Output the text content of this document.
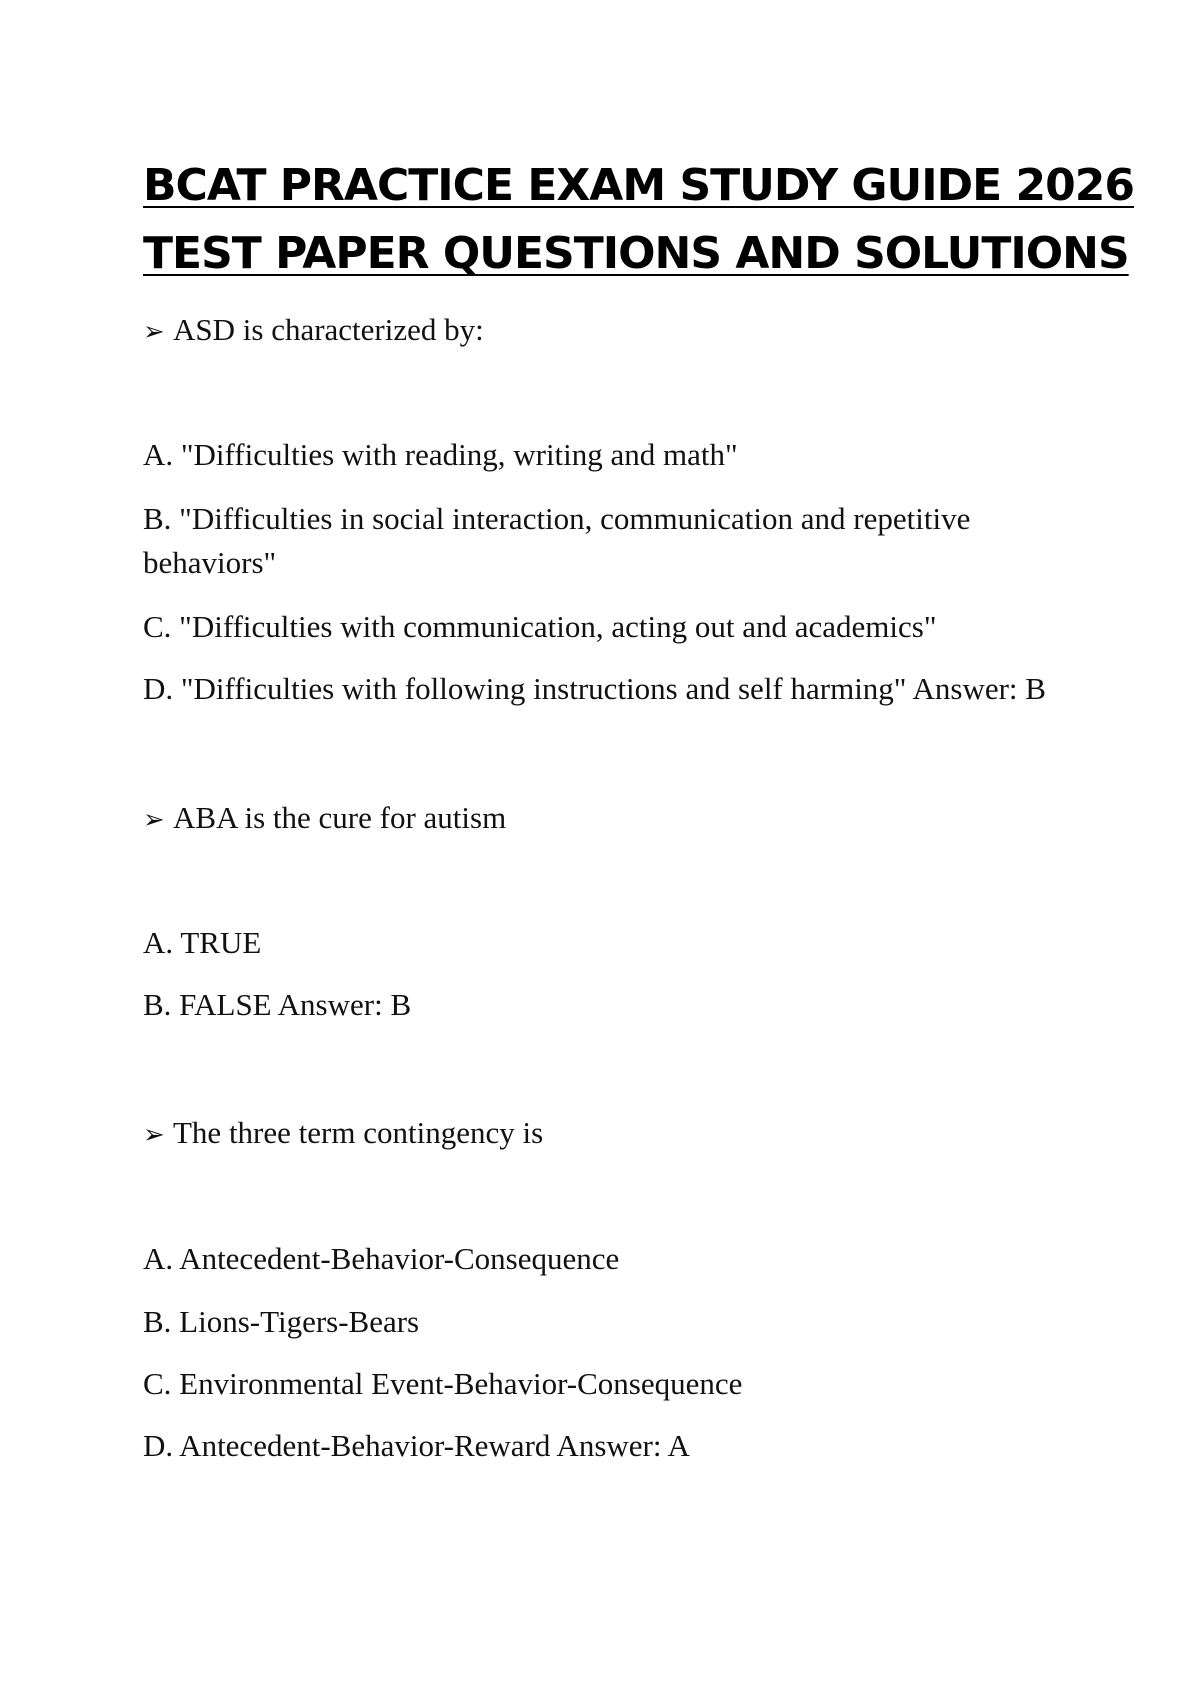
BCAT PRACTICE EXAM STUDY GUIDE 2026
TEST PAPER QUESTIONS AND SOLUTIONS

➢ ASD is characterized by:

A. "Difficulties with reading, writing and math"

B. "Difficulties in social interaction, communication and repetitive behaviors"

C. "Difficulties with communication, acting out and academics"

D. "Difficulties with following instructions and self harming" Answer: B

➢ ABA is the cure for autism

A. TRUE

B. FALSE Answer: B

➢ The three term contingency is

A. Antecedent-Behavior-Consequence

B. Lions-Tigers-Bears

C. Environmental Event-Behavior-Consequence

D. Antecedent-Behavior-Reward Answer: A
